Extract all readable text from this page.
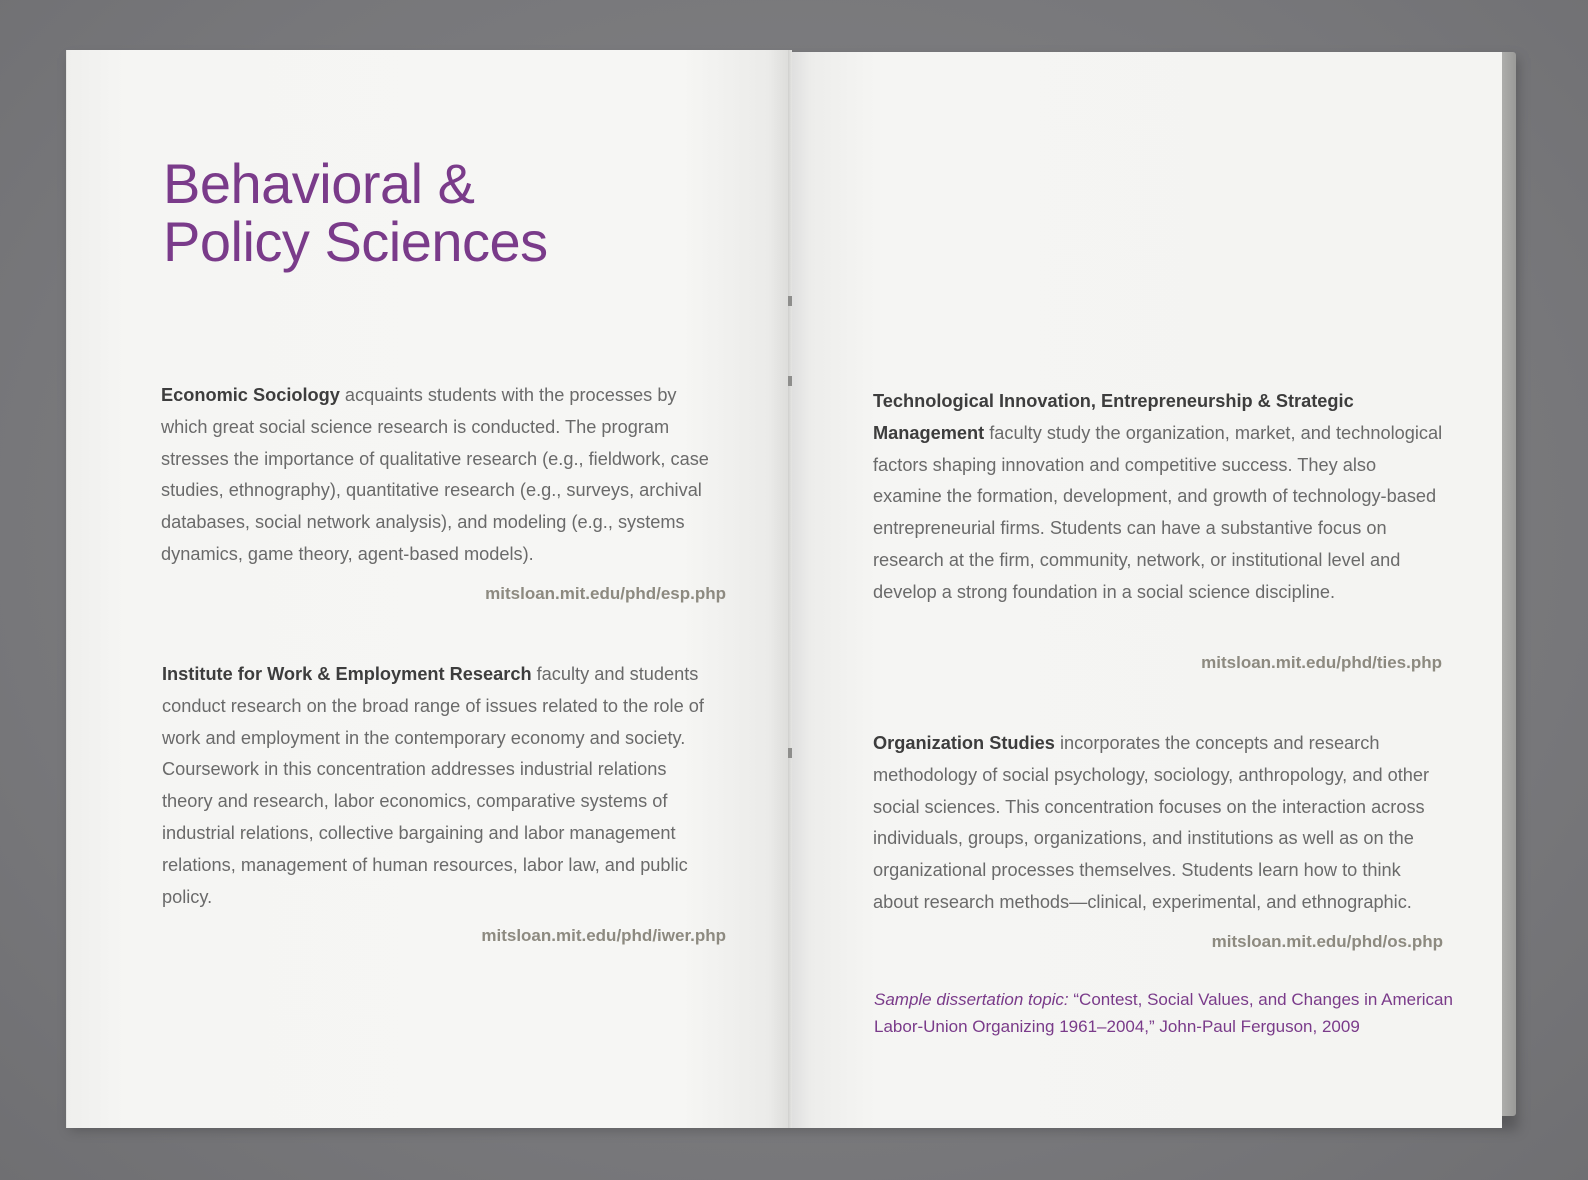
Behavioral &
Policy Sciences
Economic Sociology acquaints students with the processes by which great social science research is conducted. The program stresses the importance of qualitative research (e.g., fieldwork, case studies, ethnography), quantitative research (e.g., surveys, archival databases, social network analysis), and modeling (e.g., systems dynamics, game theory, agent-based models).
mitsloan.mit.edu/phd/esp.php
Institute for Work & Employment Research faculty and students conduct research on the broad range of issues related to the role of work and employment in the contemporary economy and society. Coursework in this concentration addresses industrial relations theory and research, labor economics, comparative systems of industrial relations, collective bargaining and labor management relations, management of human resources, labor law, and public policy.
mitsloan.mit.edu/phd/iwer.php
Technological Innovation, Entrepreneurship & Strategic Management faculty study the organization, market, and technological factors shaping innovation and competitive success. They also examine the formation, development, and growth of technology-based entrepreneurial firms. Students can have a substantive focus on research at the firm, community, network, or institutional level and develop a strong foundation in a social science discipline.
mitsloan.mit.edu/phd/ties.php
Organization Studies incorporates the concepts and research methodology of social psychology, sociology, anthropology, and other social sciences. This concentration focuses on the interaction across individuals, groups, organizations, and institutions as well as on the organizational processes themselves. Students learn how to think about research methods—clinical, experimental, and ethnographic.
mitsloan.mit.edu/phd/os.php
Sample dissertation topic: “Contest, Social Values, and Changes in American Labor-Union Organizing 1961–2004,” John-Paul Ferguson, 2009
